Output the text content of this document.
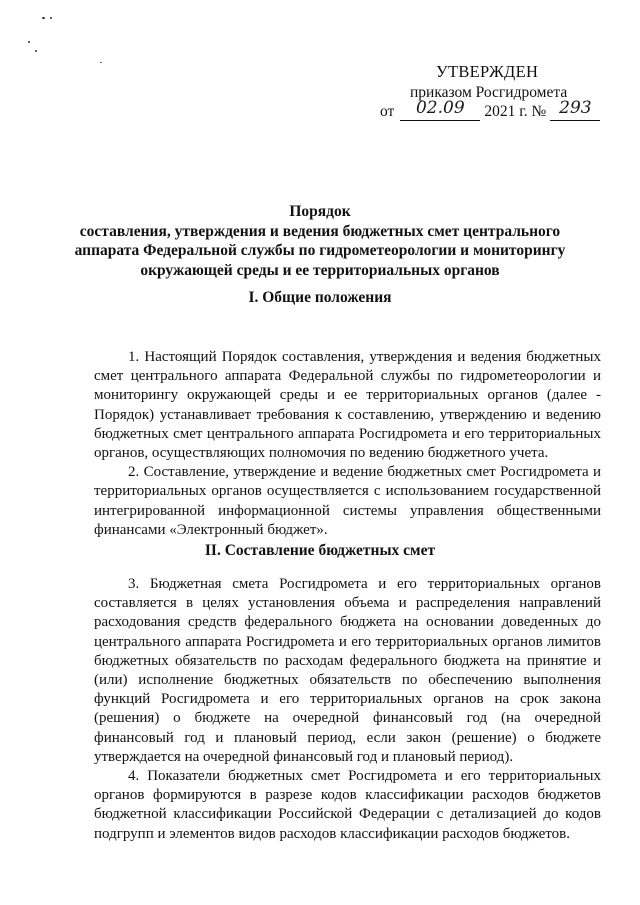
УТВЕРЖДЕН
приказом Росгидромета
от	02.09	2021 г. № 293
Порядок
составления, утверждения и ведения бюджетных смет центрального
аппарата Федеральной службы по гидрометеорологии и мониторингу
окружающей среды и ее территориальных органов
I. Общие положения

1. Настоящий Порядок составления, утверждения и ведения бюджетных смет центрального аппарата Федеральной службы по гидрометеорологии и мониторингу окружающей среды и ее территориальных органов (далее - Порядок) устанавливает требования к составлению, утверждению и ведению бюджетных смет центрального аппарата Росгидромета и его территориальных органов, осуществляющих полномочия по ведению бюджетного учета.

2. Составление, утверждение и ведение бюджетных смет Росгидромета и территориальных органов осуществляется с использованием государственной интегрированной информационной системы управления общественными финансами «Электронный бюджет».

II. Составление бюджетных смет

3. Бюджетная смета Росгидромета и его территориальных органов составляется в целях установления объема и распределения направлений расходования средств федерального бюджета на основании доведенных до центрального аппарата Росгидромета и его территориальных органов лимитов бюджетных обязательств по расходам федерального бюджета на принятие и (или) исполнение бюджетных обязательств по обеспечению выполнения функций Росгидромета и его территориальных органов на срок закона (решения) о бюджете на очередной финансовый год (на очередной финансовый год и плановый период, если закон (решение) о бюджете утверждается на очередной финансовый год и плановый период).

4. Показатели бюджетных смет Росгидромета и его территориальных органов формируются в разрезе кодов классификации расходов бюджетов бюджетной классификации Российской Федерации с детализацией до кодов подгрупп и элементов видов расходов классификации расходов бюджетов.
